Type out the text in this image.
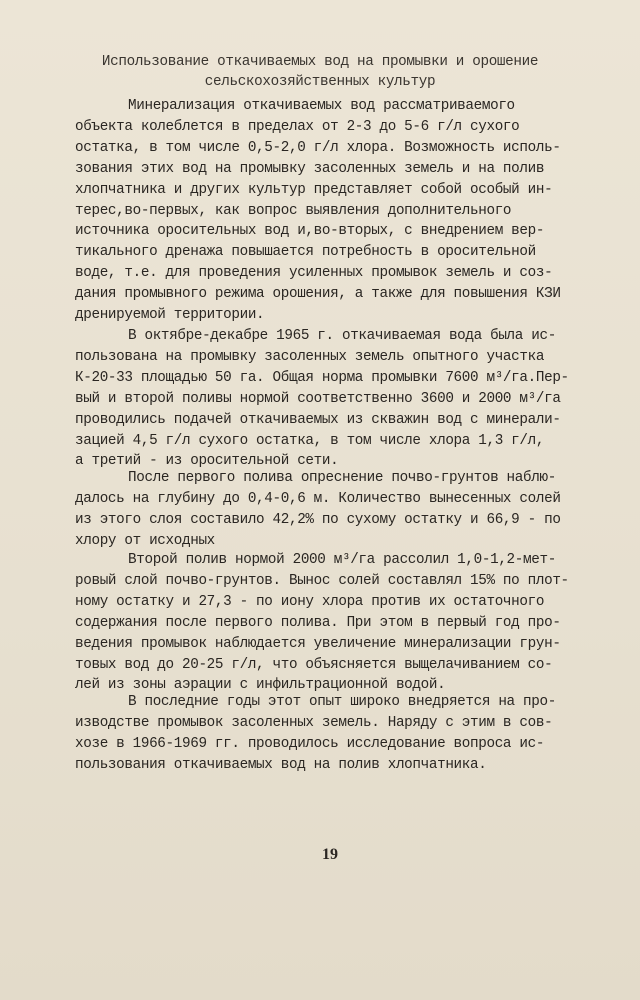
Использование откачиваемых вод на промывки и орошение
сельскохозяйственных культур
Минерализация откачиваемых вод рассматриваемого
объекта колеблется в пределах от 2-3 до 5-6 г/л сухого
остатка, в том числе 0,5-2,0 г/л хлора. Возможность исполь-
зования этих вод на промывку засоленных земель и на полив
хлопчатника и других культур представляет собой особый ин-
терес,во-первых, как вопрос выявления дополнительного
источника оросительных вод и,во-вторых, с внедрением вер-
тикального дренажа повышается потребность в оросительной
воде, т.е. для проведения усиленных промывок земель и соз-
дания промывного режима орошения, а также для повышения КЗИ
дренируемой территории.
В октябре-декабре 1965 г. откачиваемая вода была ис-
пользована на промывку засоленных земель опытного участка
К-20-33 площадью 50 га. Общая норма промывки 7600 м³/га.Пер-
вый и второй поливы нормой соответственно 3600 и 2000 м³/га
проводились подачей откачиваемых из скважин вод с минерали-
зацией 4,5 г/л сухого остатка, в том числе хлора 1,3 г/л,
а третий - из оросительной сети.
После первого полива опреснение почво-грунтов наблю-
далось на глубину до 0,4-0,6 м. Количество вынесенных солей
из этого слоя составило 42,2% по сухому остатку и 66,9 - по
хлору от исходных
Второй полив нормой 2000 м³/га рассолил 1,0-1,2-мет-
ровый слой почво-грунтов. Вынос солей составлял 15% по плот-
ному остатку и 27,3 - по иону хлора против их остаточного
содержания после первого полива. При этом в первый год про-
ведения промывок наблюдается увеличение минерализации грун-
товых вод до 20-25 г/л, что объясняется выщелачиванием со-
лей из зоны аэрации с инфильтрационной водой.
В последние годы этот опыт широко внедряется на про-
изводстве промывок засоленных земель. Наряду с этим в сов-
хозе в 1966-1969 гг. проводилось исследование вопроса ис-
пользования откачиваемых вод на полив хлопчатника.
19
